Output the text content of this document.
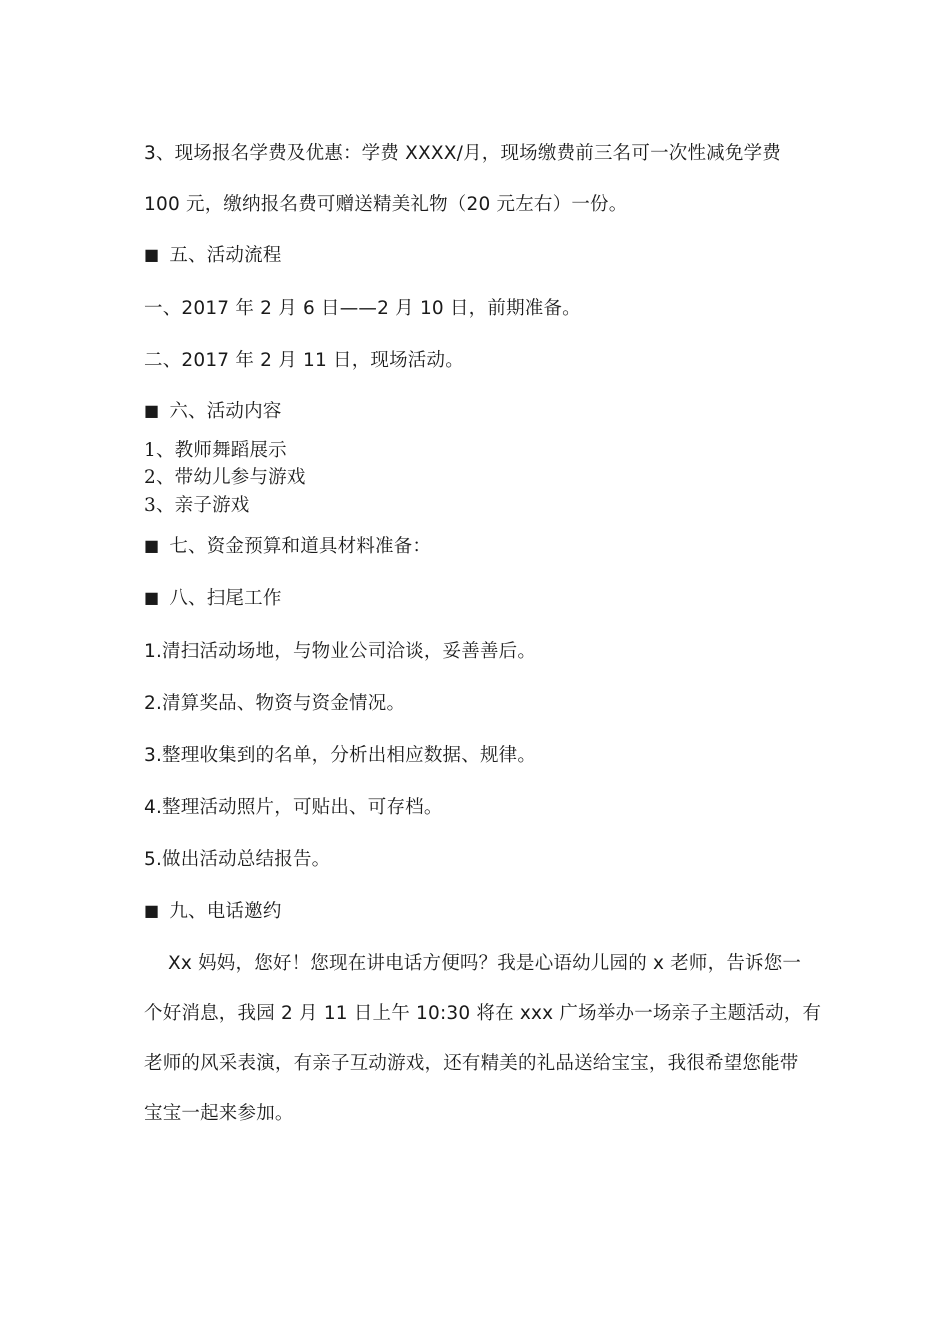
3、现场报名学费及优惠：学费 XXXX/月，现场缴费前三名可一次性减免学费
100 元，缴纳报名费可赠送精美礼物（20 元左右）一份。
■ 五、活动流程
一、2017 年 2 月 6 日——2 月 10 日，前期准备。
二、2017 年 2 月 11 日，现场活动。
■ 六、活动内容
1、教师舞蹈展示
2、带幼儿参与游戏
3、亲子游戏
■ 七、资金预算和道具材料准备：
■ 八、扫尾工作
1.清扫活动场地，与物业公司洽谈，妥善善后。
2.清算奖品、物资与资金情况。
3.整理收集到的名单，分析出相应数据、规律。
4.整理活动照片，可贴出、可存档。
5.做出活动总结报告。
■ 九、电话邀约
Xx 妈妈，您好！您现在讲电话方便吗？我是心语幼儿园的 x 老师，告诉您一
个好消息，我园 2 月 11 日上午 10:30 将在 xxx 广场举办一场亲子主题活动，有
老师的风采表演，有亲子互动游戏，还有精美的礼品送给宝宝，我很希望您能带
宝宝一起来参加。
